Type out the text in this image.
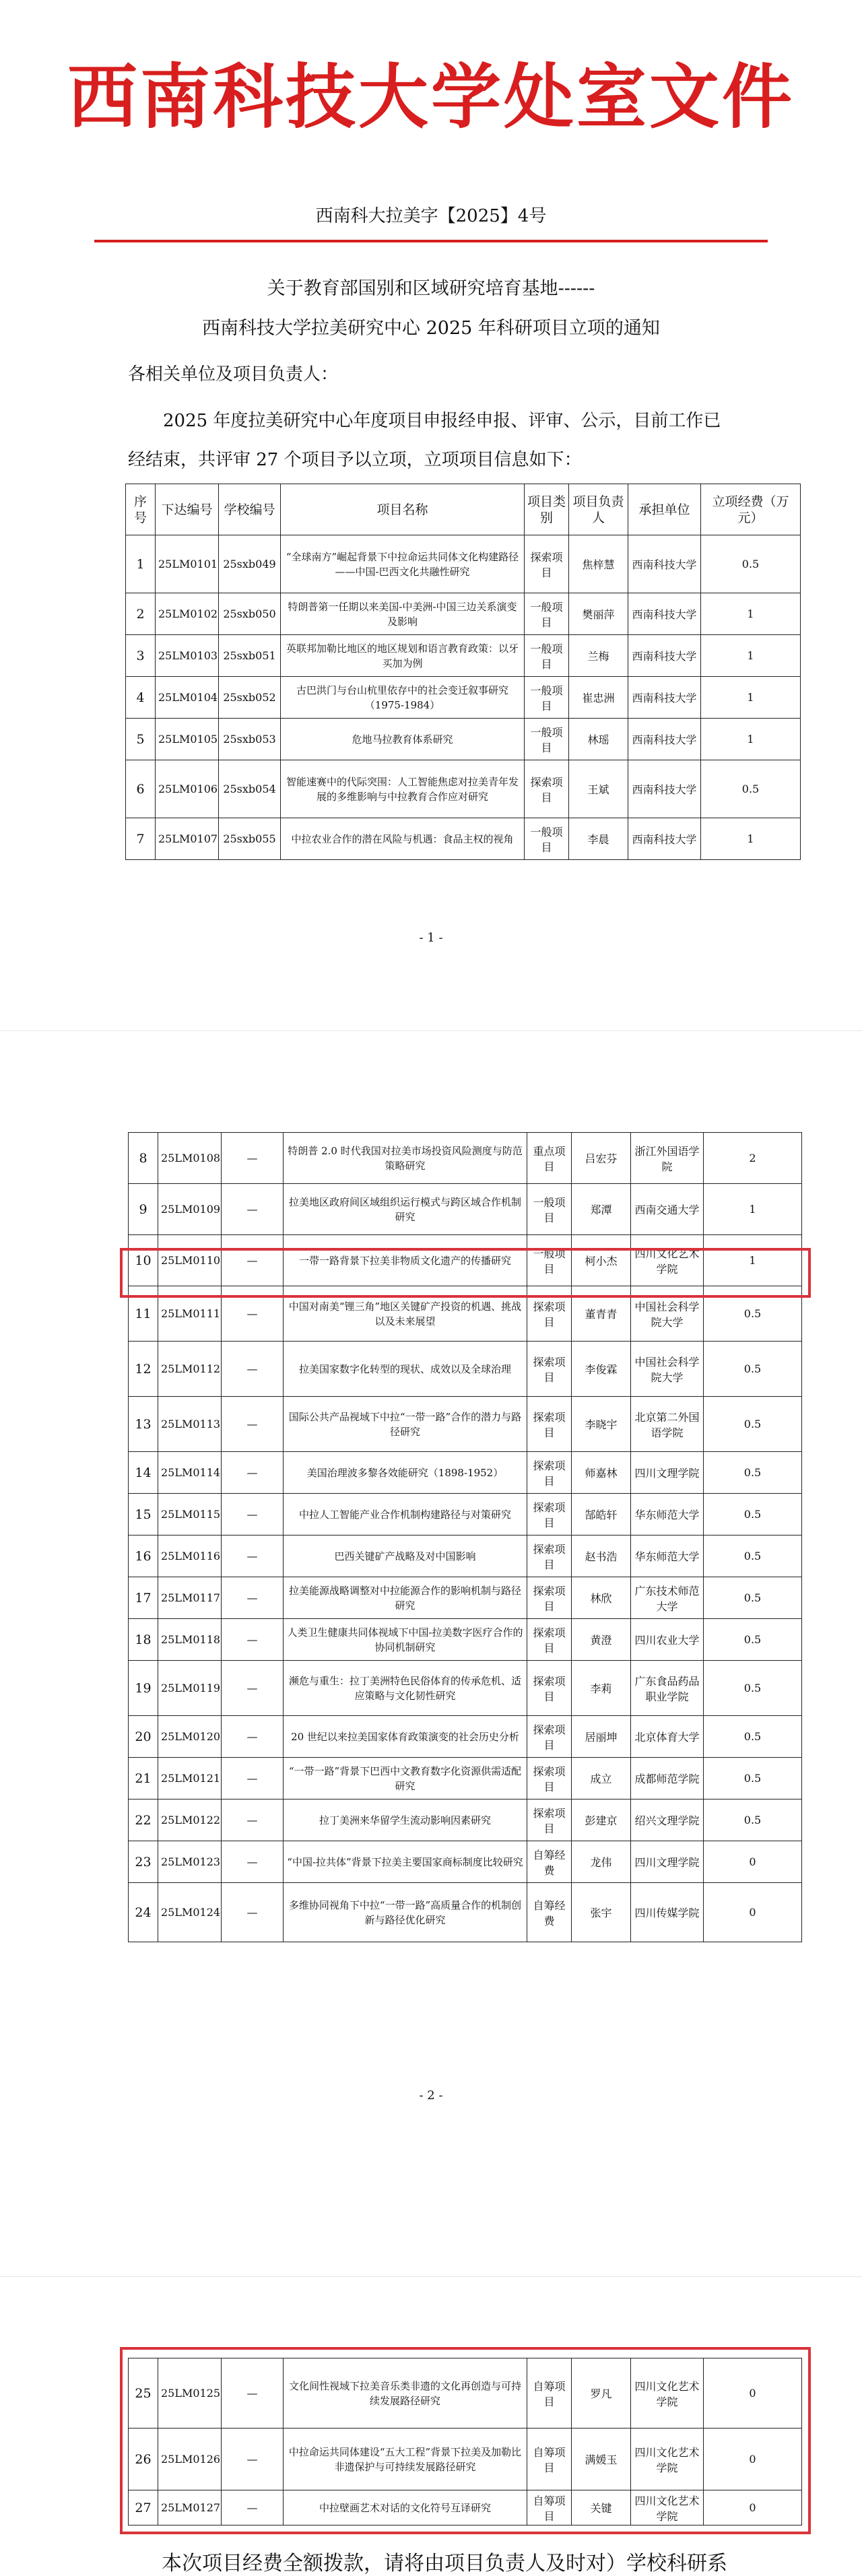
西南科技大学处室文件
西南科大拉美字【2025】4号
关于教育部国别和区域研究培育基地------
西南科技大学拉美研究中心 2025 年科研项目立项的通知
各相关单位及项目负责人：
2025 年度拉美研究中心年度项目申报经申报、评审、公示，目前工作已经结束，共评审 27 个项目予以立项，立项项目信息如下：
序号	下达编号	学校编号	项目名称	项目类别	项目负责人	承担单位	立项经费（万元）
1	25LM0101	25sxb049	“全球南方”崛起背景下中拉命运共同体文化构建路径——中国-巴西文化共融性研究	探索项目	焦梓慧	西南科技大学	0.5
2	25LM0102	25sxb050	特朗普第一任期以来美国-中美洲-中国三边关系演变及影响	一般项目	樊丽萍	西南科技大学	1
3	25LM0103	25sxb051	英联邦加勒比地区的地区规划和语言教育政策：以牙买加为例	一般项目	兰梅	西南科技大学	1
4	25LM0104	25sxb052	古巴洪门与台山杭里依存中的社会变迁叙事研究（1975-1984）	一般项目	崔忠洲	西南科技大学	1
5	25LM0105	25sxb053	危地马拉教育体系研究	一般项目	林瑶	西南科技大学	1
6	25LM0106	25sxb054	智能速赛中的代际突围：人工智能焦虑对拉美青年发展的多维影响与中拉教育合作应对研究	探索项目	王斌	西南科技大学	0.5
7	25LM0107	25sxb055	中拉农业合作的潜在风险与机遇：食品主权的视角	一般项目	李晨	西南科技大学	1
- 1 -
8	25LM0108	—	特朗普 2.0 时代我国对拉美市场投资风险测度与防范策略研究	重点项目	吕宏芬	浙江外国语学院	2
9	25LM0109	—	拉美地区政府间区域组织运行模式与跨区域合作机制研究	一般项目	郑潭	西南交通大学	1
10	25LM0110	—	一带一路背景下拉美非物质文化遗产的传播研究	一般项目	柯小杰	四川文化艺术学院	1
11	25LM0111	—	中国对南美“锂三角”地区关键矿产投资的机遇、挑战以及未来展望	探索项目	董青青	中国社会科学院大学	0.5
12	25LM0112	—	拉美国家数字化转型的现状、成效以及全球治理	探索项目	李俊霖	中国社会科学院大学	0.5
13	25LM0113	—	国际公共产品视域下中拉“一带一路”合作的潜力与路径研究	探索项目	李晓宇	北京第二外国语学院	0.5
14	25LM0114	—	美国治理波多黎各效能研究（1898-1952）	探索项目	师嘉林	四川文理学院	0.5
15	25LM0115	—	中拉人工智能产业合作机制构建路径与对策研究	探索项目	郜皓轩	华东师范大学	0.5
16	25LM0116	—	巴西关键矿产战略及对中国影响	探索项目	赵书浩	华东师范大学	0.5
17	25LM0117	—	拉美能源战略调整对中拉能源合作的影响机制与路径研究	探索项目	林欣	广东技术师范大学	0.5
18	25LM0118	—	人类卫生健康共同体视域下中国-拉美数字医疗合作的协同机制研究	探索项目	黄澄	四川农业大学	0.5
19	25LM0119	—	濒危与重生：拉丁美洲特色民俗体育的传承危机、适应策略与文化韧性研究	探索项目	李莉	广东食品药品职业学院	0.5
20	25LM0120	—	20 世纪以来拉美国家体育政策演变的社会历史分析	探索项目	居丽坤	北京体育大学	0.5
21	25LM0121	—	“一带一路”背景下巴西中文教育数字化资源供需适配研究	探索项目	成立	成都师范学院	0.5
22	25LM0122	—	拉丁美洲来华留学生流动影响因素研究	探索项目	彭建京	绍兴文理学院	0.5
23	25LM0123	—	“中国-拉共体”背景下拉美主要国家商标制度比较研究	自筹经费	龙伟	四川文理学院	0
24	25LM0124	—	多维协同视角下中拉“一带一路”高质量合作的机制创新与路径优化研究	自筹经费	张宇	四川传媒学院	0
- 2 -
25	25LM0125	—	文化间性视域下拉美音乐类非遗的文化再创造与可持续发展路径研究	自筹项目	罗凡	四川文化艺术学院	0
26	25LM0126	—	中拉命运共同体建设“五大工程”背景下拉美及加勒比非遗保护与可持续发展路径研究	自筹项目	满媛玉	四川文化艺术学院	0
27	25LM0127	—	中拉壁画艺术对话的文化符号互译研究	自筹项目	关键	四川文化艺术学院	0
本次项目经费全额拨款，请将由项目负责人及时对）学校科研系
